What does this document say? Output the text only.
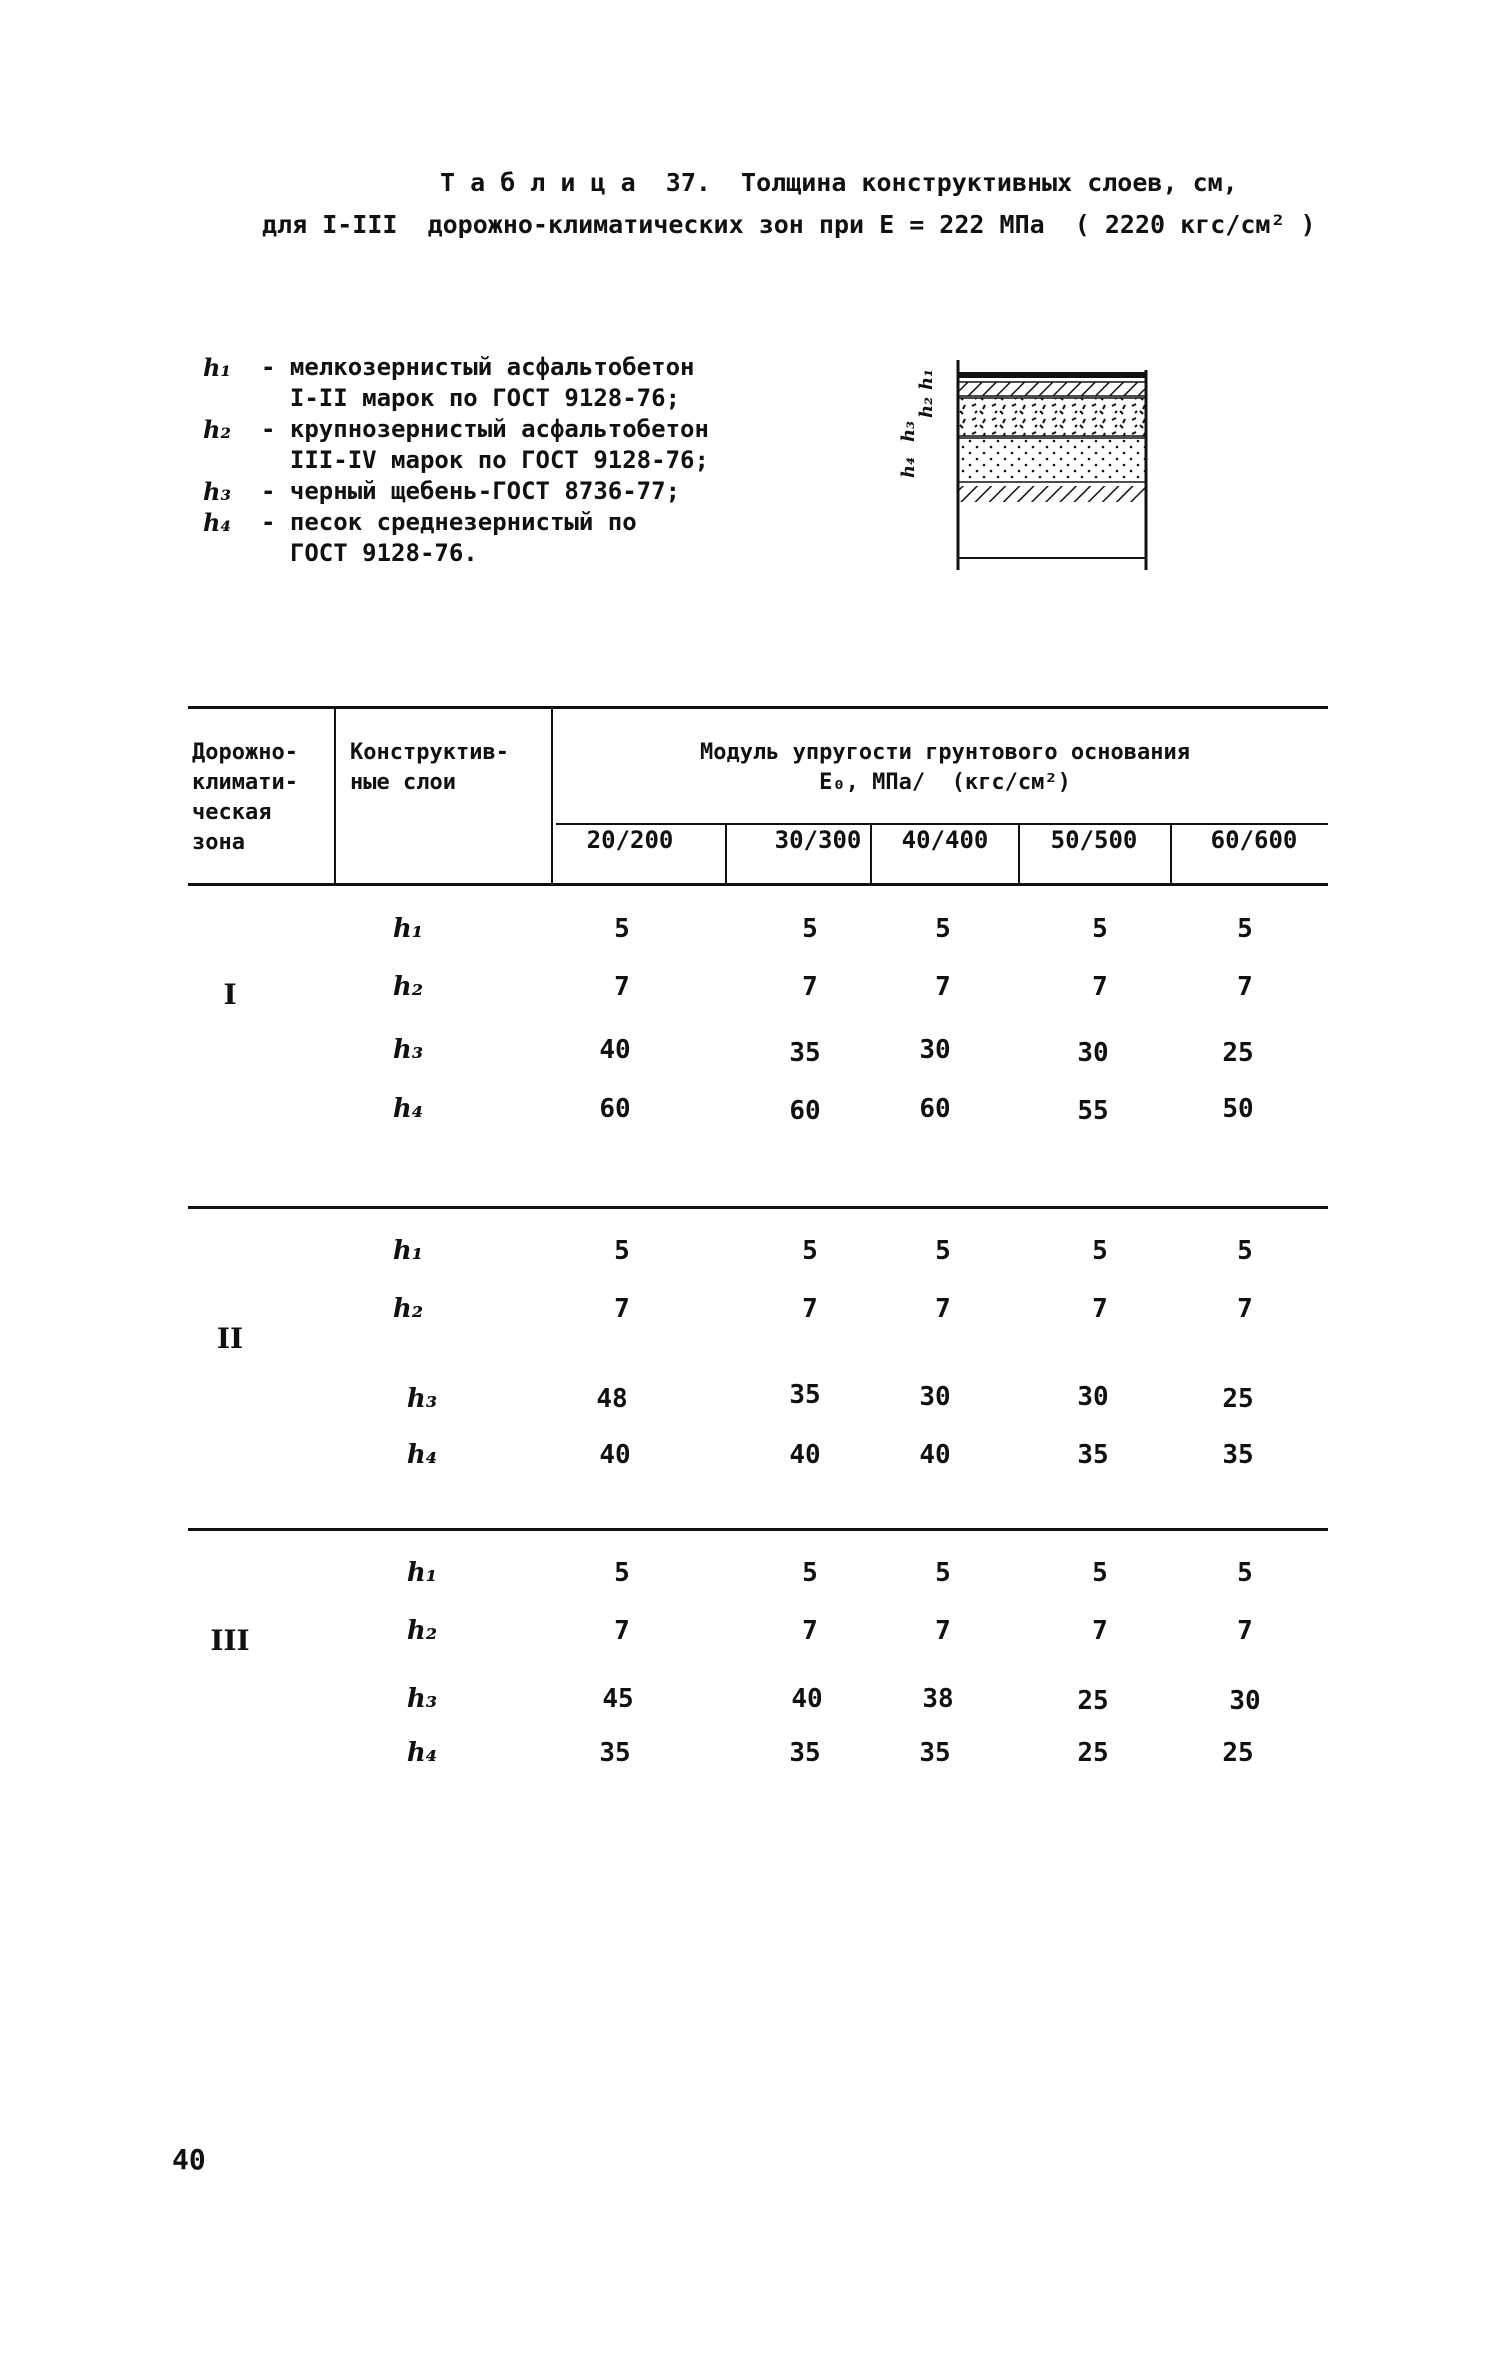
Т а б л и ц а  37.  Толщина конструктивных слоев, см,
для I-III  дорожно-климатических зон при E = 222 МПа  ( 2220 кгс/см² )
h₁	- мелкозернистый асфальтобетон
I-II марок по ГОСТ 9128-76;
h₂	- крупнозернистый асфальтобетон
III-IV марок по ГОСТ 9128-76;
h₃	- черный щебень-ГОСТ 8736-77;
h₄	- песок среднезернистый по
ГОСТ 9128-76.
h₁
h₂
h₃
h₄
Дорожно-
климати-
ческая
зона
Конструктив-
ные слои
Модуль упругости грунтового основания
E₀, МПа/  (кгс/см²)
20/200	30/300	40/400	50/500	60/600
I
h₁	5	5	5	5	5
h₂	7	7	7	7	7
h₃	40	35	30	30	25
h₄	60	60	60	55	50
II
h₁	5	5	5	5	5
h₂	7	7	7	7	7
h₃	48	35	30	30	25
h₄	40	40	40	35	35
III
h₁	5	5	5	5	5
h₂	7	7	7	7	7
h₃	45	40	38	25	30
h₄	35	35	35	25	25
40
